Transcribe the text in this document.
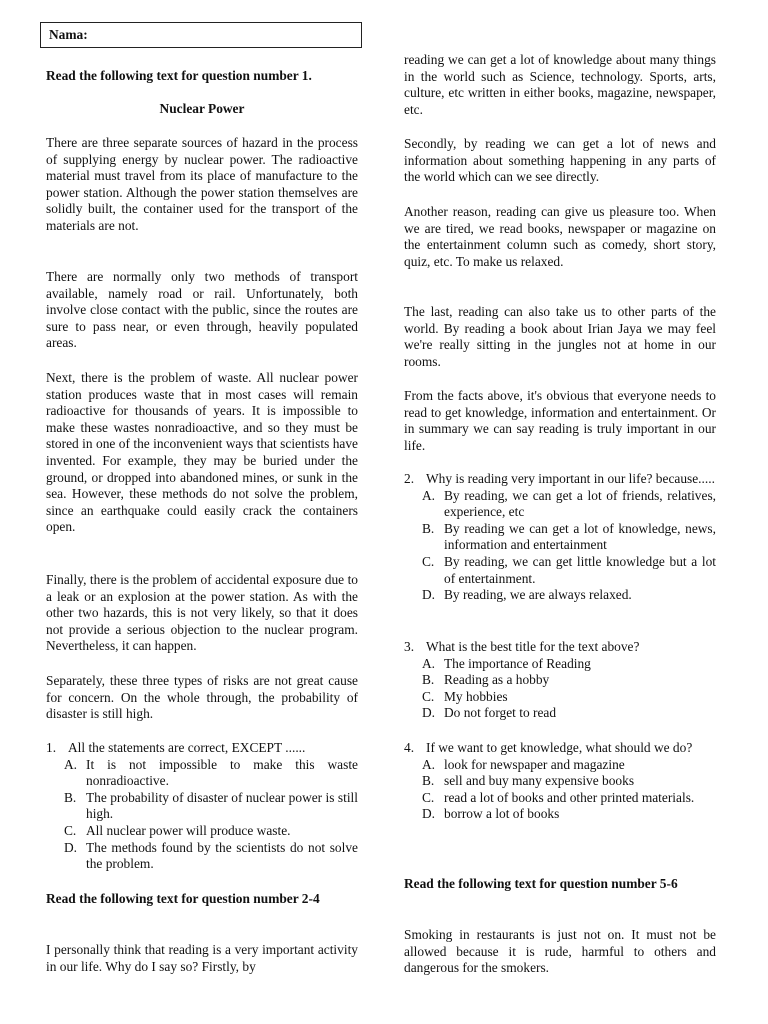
Nama:
Read the following text for question number 1.
Nuclear Power

There are three separate sources of hazard in the process of supplying energy by nuclear power. The radioactive material must travel from its place of manufacture to the power station. Although the power station themselves are solidly built, the container used for the transport of the materials are not.

There are normally only two methods of transport available, namely road or rail. Unfortunately, both involve close contact with the public, since the routes are sure to pass near, or even through, heavily populated areas.

Next, there is the problem of waste. All nuclear power station produces waste that in most cases will remain radioactive for thousands of years. It is impossible to make these wastes nonradioactive, and so they must be stored in one of the inconvenient ways that scientists have invented. For example, they may be buried under the ground, or dropped into abandoned mines, or sunk in the sea. However, these methods do not solve the problem, since an earthquake could easily crack the containers open.

Finally, there is the problem of accidental exposure due to a leak or an explosion at the power station. As with the other two hazards, this is not very likely, so that it does not provide a serious objection to the nuclear program. Nevertheless, it can happen.

Separately, these three types of risks are not great cause for concern. On the whole through, the probability of disaster is still high.

1. All the statements are correct, EXCEPT ......
A. It is not impossible to make this waste nonradioactive.
B. The probability of disaster of nuclear power is still high.
C. All nuclear power will produce waste.
D. The methods found by the scientists do not solve the problem.
Read the following text for question number 2-4

I personally think that reading is a very important activity in our life. Why do I say so? Firstly, by

reading we can get a lot of knowledge about many things in the world such as Science, technology. Sports, arts, culture, etc written in either books, magazine, newspaper, etc.

Secondly, by reading we can get a lot of news and information about something happening in any parts of the world which can we see directly.

Another reason, reading can give us pleasure too. When we are tired, we read books, newspaper or magazine on the entertainment column such as comedy, short story, quiz, etc. To make us relaxed.

The last, reading can also take us to other parts of the world. By reading a book about Irian Jaya we may feel we're really sitting in the jungles not at home in our rooms.

From the facts above, it's obvious that everyone needs to read to get knowledge, information and entertainment. Or in summary we can say reading is truly important in our life.

2. Why is reading very important in our life? because.....
A. By reading, we can get a lot of friends, relatives, experience, etc
B. By reading we can get a lot of knowledge, news, information and entertainment
C. By reading, we can get little knowledge but a lot of entertainment.
D. By reading, we are always relaxed.
3. What is the best title for the text above?
A. The importance of Reading
B. Reading as a hobby
C. My hobbies
D. Do not forget to read
4. If we want to get knowledge, what should we do?
A. look for newspaper and magazine
B. sell and buy many expensive books
C. read a lot of books and other printed materials.
D. borrow a lot of books
Read the following text for question number 5-6

Smoking in restaurants is just not on. It must not be allowed because it is rude, harmful to others and dangerous for the smokers.
